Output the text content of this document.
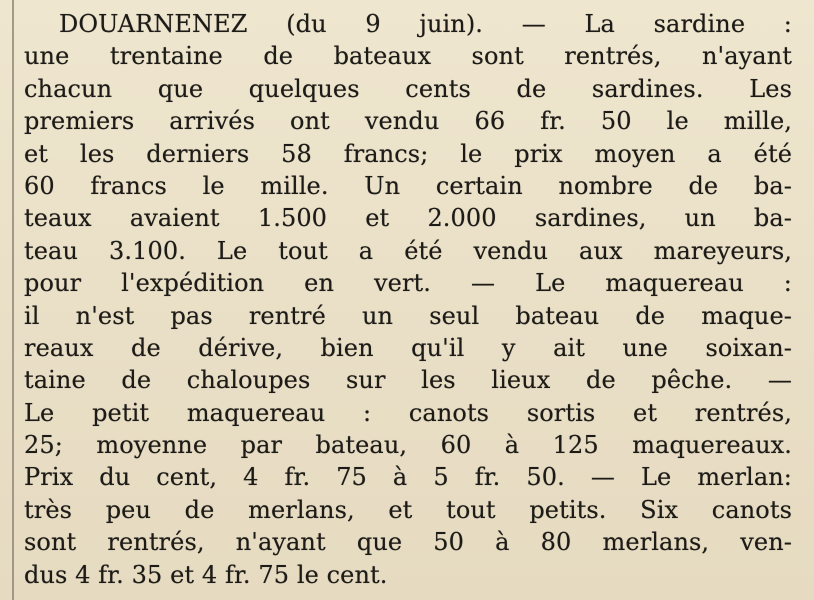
DOUARNENEZ (du 9 juin). — La sardine :
une trentaine de bateaux sont rentrés, n'ayant
chacun que quelques cents de sardines. Les
premiers arrivés ont vendu 66 fr. 50 le mille,
et les derniers 58 francs; le prix moyen a été
60 francs le mille. Un certain nombre de ba-
teaux avaient 1.500 et 2.000 sardines, un ba-
teau 3.100. Le tout a été vendu aux mareyeurs,
pour l'expédition en vert. — Le maquereau :
il n'est pas rentré un seul bateau de maque-
reaux de dérive, bien qu'il y ait une soixan-
taine de chaloupes sur les lieux de pêche. —
Le petit maquereau : canots sortis et rentrés,
25; moyenne par bateau, 60 à 125 maquereaux.
Prix du cent, 4 fr. 75 à 5 fr. 50. — Le merlan:
très peu de merlans, et tout petits. Six canots
sont rentrés, n'ayant que 50 à 80 merlans, ven-
dus 4 fr. 35 et 4 fr. 75 le cent.
